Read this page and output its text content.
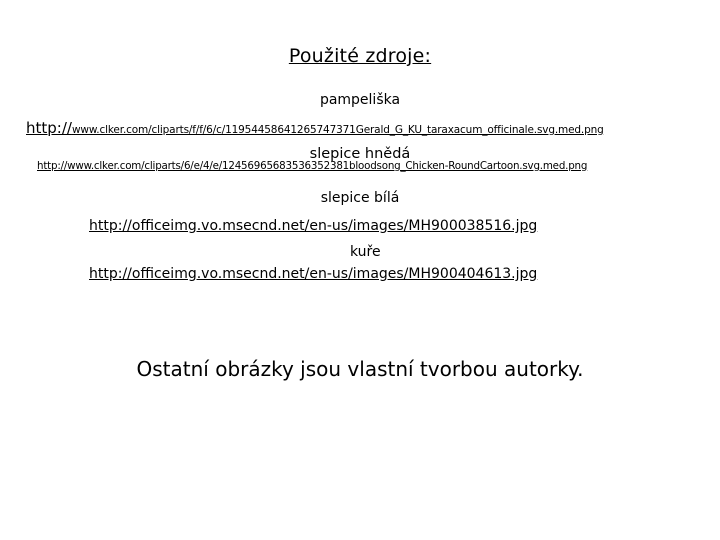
Použité zdroje:
pampeliška
http://www.clker.com/cliparts/f/f/6/c/11954458641265747371Gerald_G_KU_taraxacum_officinale.svg.med.png
slepice hnědá
http://www.clker.com/cliparts/6/e/4/e/12456965683536352381bloodsong_Chicken-RoundCartoon.svg.med.png
slepice bílá
http://officeimg.vo.msecnd.net/en-us/images/MH900038516.jpg
kuře
http://officeimg.vo.msecnd.net/en-us/images/MH900404613.jpg
Ostatní obrázky jsou vlastní tvorbou autorky.
